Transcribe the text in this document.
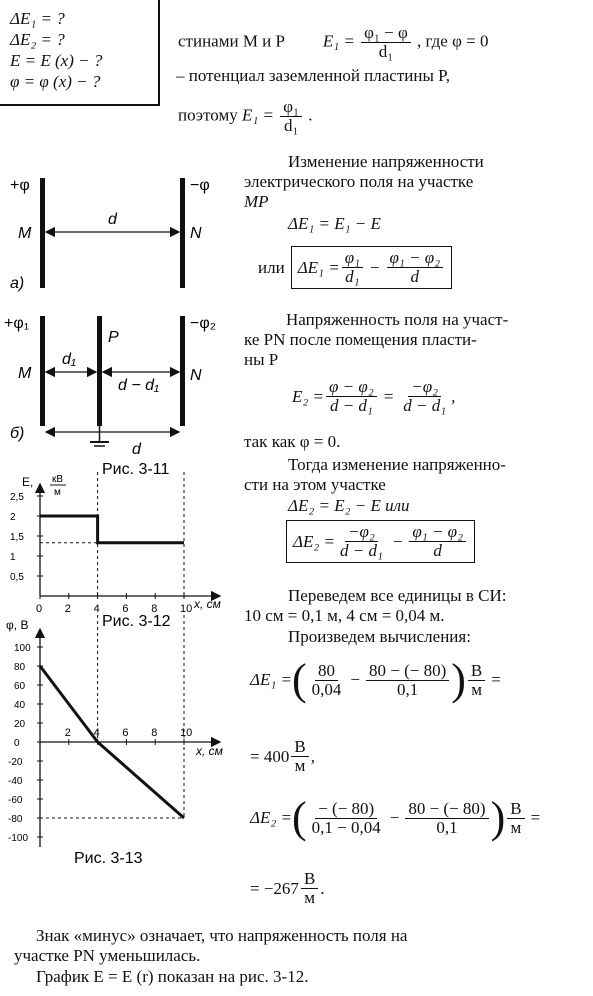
ΔE₁ = ?
ΔE₂ = ?
E = E (x) − ?
φ = φ (x) − ?
стинами M и P $E_1 = \frac{\text{φ₁ − φ}}{\text{d₁}}$ , где φ = 0
– потенциал заземленной пластины P,
поэтому $E_1 = \frac{\text{φ₁}}{\text{d₁}}$ .
Изменение напряженности
электрического поля на участке
MP
ΔE₁ = E₁ − E
или $\Delta E_1 = \frac{\text{φ₁}}{\text{d₁}} - \frac{\text{φ₁ − φ₂}}{d}$
Напряженность поля на участ-
ке PN после помещения пласти-
ны P
$E_2 = \frac{\text{φ − φ₂}}{\text{d − d₁}} = \frac{\text{−φ₂}}{\text{d − d₁}}$ ,
так как φ = 0.
Тогда изменение напряженно-
сти на этом участке
ΔE₂ = E₂ − E или
$\Delta E_2 = \frac{\text{−φ₂}}{\text{d − d₁}} - \frac{\text{φ₁ − φ₂}}{d}$
Переведем все единицы в СИ:
10 см = 0,1 м, 4 см = 0,04 м.
Произведем вычисления:
ΔE₁ = ( $\frac{80}{0,04} - \frac{80 - (- 80)}{0,1}$ ) $\frac{В}{м}$ =
= $400 \frac{В}{м}$ ,
ΔE₂ = ( $\frac{- (- 80)}{0,1 - 0,04} - \frac{80 - (- 80)}{0,1}$ ) $\frac{В}{м}$ =
= $-267 \frac{В}{м}$ .
Знак «минус» означает, что напряженность поля на
участке PN уменьшилась.
График E = E (r) показан на рис. 3-12.
+φ	−φ
M	N
d
а)
+φ₁	−φ₂
P
M	N
d₁
d − d₁
d
б)
Рис. 3-11
2,5
2
1,5
1
0,5
0 2 4 6 8 10
E, кВ
м
x, см
Рис. 3-12
100
80
60
40
20
0
-20
-40
-60
-80
-100
2 4 6 8 10
φ, В
x, см
Рис. 3-13
